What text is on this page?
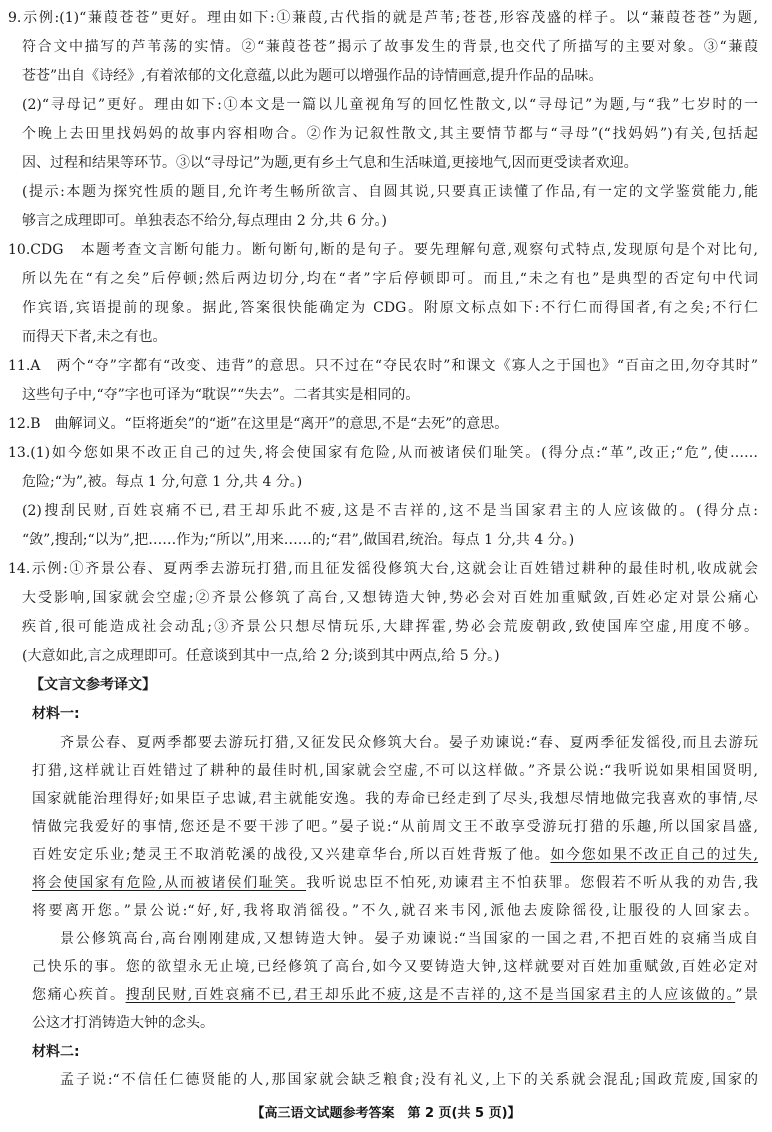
9.示例:(1)“蒹葭苍苍”更好。理由如下:①蒹葭,古代指的就是芦苇;苍苍,形容茂盛的样子。以“蒹葭苍苍”为题,
符合文中描写的芦苇荡的实情。②“蒹葭苍苍”揭示了故事发生的背景,也交代了所描写的主要对象。③“蒹葭
苍苍”出自《诗经》,有着浓郁的文化意蕴,以此为题可以增强作品的诗情画意,提升作品的品味。
(2)“寻母记”更好。理由如下:①本文是一篇以儿童视角写的回忆性散文,以“寻母记”为题,与“我”七岁时的一
个晚上去田里找妈妈的故事内容相吻合。②作为记叙性散文,其主要情节都与“寻母”(“找妈妈”)有关,包括起
因、过程和结果等环节。③以“寻母记”为题,更有乡土气息和生活味道,更接地气,因而更受读者欢迎。
(提示:本题为探究性质的题目,允许考生畅所欲言、自圆其说,只要真正读懂了作品,有一定的文学鉴赏能力,能
够言之成理即可。单独表态不给分,每点理由 2 分,共 6 分。)
10.CDG　本题考查文言断句能力。断句断句,断的是句子。要先理解句意,观察句式特点,发现原句是个对比句,
所以先在“有之矣”后停顿;然后两边切分,均在“者”字后停顿即可。而且,“未之有也”是典型的否定句中代词
作宾语,宾语提前的现象。据此,答案很快能确定为 CDG。附原文标点如下:不行仁而得国者,有之矣;不行仁
而得天下者,未之有也。
11.A　两个“夺”字都有“改变、违背”的意思。只不过在“夺民农时”和课文《寡人之于国也》“百亩之田,勿夺其时”
这些句子中,“夺”字也可译为“耽误”“失去”。二者其实是相同的。
12.B　曲解词义。“臣将逝矣”的“逝”在这里是“离开”的意思,不是“去死”的意思。
13.(1)如今您如果不改正自己的过失,将会使国家有危险,从而被诸侯们耻笑。(得分点:“革”,改正;“危”,使……
危险;“为”,被。每点 1 分,句意 1 分,共 4 分。)
(2)搜刮民财,百姓哀痛不已,君王却乐此不疲,这是不吉祥的,这不是当国家君主的人应该做的。(得分点:
“敛”,搜刮;“以为”,把……作为;“所以”,用来……的;“君”,做国君,统治。每点 1 分,共 4 分。)
14.示例:①齐景公春、夏两季去游玩打猎,而且征发徭役修筑大台,这就会让百姓错过耕种的最佳时机,收成就会
大受影响,国家就会空虚;②齐景公修筑了高台,又想铸造大钟,势必会对百姓加重赋敛,百姓必定对景公痛心
疾首,很可能造成社会动乱;③齐景公只想尽情玩乐,大肆挥霍,势必会荒废朝政,致使国库空虚,用度不够。
(大意如此,言之成理即可。任意谈到其中一点,给 2 分;谈到其中两点,给 5 分。)
【文言文参考译文】
材料一:
齐景公春、夏两季都要去游玩打猎,又征发民众修筑大台。晏子劝谏说:“春、夏两季征发徭役,而且去游玩
打猎,这样就让百姓错过了耕种的最佳时机,国家就会空虚,不可以这样做。”齐景公说:“我听说如果相国贤明,
国家就能治理得好;如果臣子忠诚,君主就能安逸。我的寿命已经走到了尽头,我想尽情地做完我喜欢的事情,尽
情做完我爱好的事情,您还是不要干涉了吧。”晏子说:“从前周文王不敢享受游玩打猎的乐趣,所以国家昌盛,
百姓安定乐业;楚灵王不取消乾溪的战役,又兴建章华台,所以百姓背叛了他。如今您如果不改正自己的过失,
将会使国家有危险,从而被诸侯们耻笑。我听说忠臣不怕死,劝谏君主不怕获罪。您假若不听从我的劝告,我
将要离开您。”景公说:“好,好,我将取消徭役。”不久,就召来韦冈,派他去废除徭役,让服役的人回家去。
景公修筑高台,高台刚刚建成,又想铸造大钟。晏子劝谏说:“当国家的一国之君,不把百姓的哀痛当成自
己快乐的事。您的欲望永无止境,已经修筑了高台,如今又要铸造大钟,这样就要对百姓加重赋敛,百姓必定对
您痛心疾首。搜刮民财,百姓哀痛不已,君王却乐此不疲,这是不吉祥的,这不是当国家君主的人应该做的。”景
公这才打消铸造大钟的念头。
材料二:
孟子说:“不信任仁德贤能的人,那国家就会缺乏粮食;没有礼义,上下的关系就会混乱;国政荒废,国家的
【高三语文试题参考答案　第 2 页(共 5 页)】
